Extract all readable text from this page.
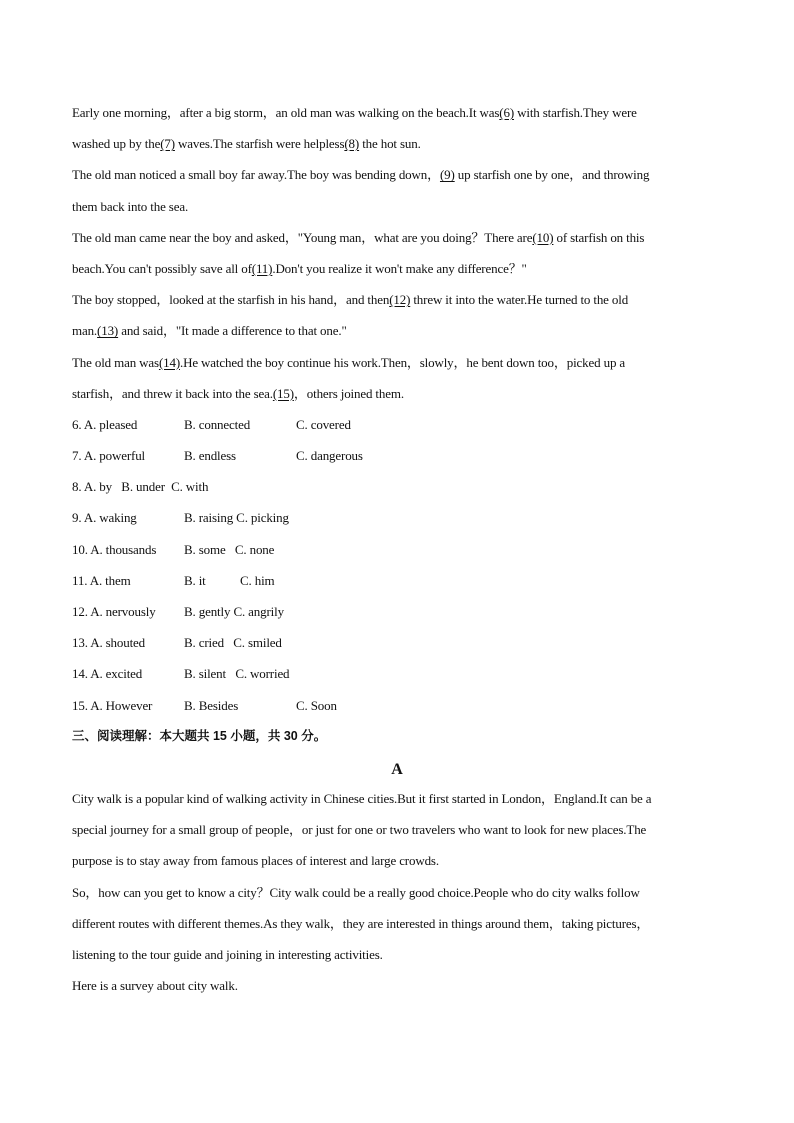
Early one morning，after a big storm，an old man was walking on the beach.It was(6) with starfish.They were
washed up by the(7) waves.The starfish were helpless(8) the hot sun.
The old man noticed a small boy far away.The boy was bending down，(9) up starfish one by one，and throwing
them back into the sea.
The old man came near the boy and asked，"Young man，what are you doing？There are(10) of starfish on this
beach.You can't possibly save all of(11).Don't you realize it won't make any difference？"
The boy stopped，looked at the starfish in his hand，and then(12) threw it into the water.He turned to the old
man.(13) and said，"It made a difference to that one."
The old man was(14).He watched the boy continue his work.Then，slowly，he bent down too，picked up a
starfish，and threw it back into the sea.(15)，others joined them.
6. A. pleased	B. connected	C. covered
7. A. powerful	B. endless	C. dangerous
8. A. by B. under C. with
9. A. waking	B. raising C. picking
10. A. thousands B. some C. none
11. A. them	B. it	C. him
12. A. nervously B. gently C. angrily
13. A. shouted	B. cried C. smiled
14. A. excited	B. silent C. worried
15. A. However B. Besides	C. Soon
三、阅读理解：本大题共 15 小题，共 30 分。
A
City walk is a popular kind of walking activity in Chinese cities.But it first started in London，England.It can be a
special journey for a small group of people，or just for one or two travelers who want to look for new places.The
purpose is to stay away from famous places of interest and large crowds.
So，how can you get to know a city？City walk could be a really good choice.People who do city walks follow
different routes with different themes.As they walk，they are interested in things around them，taking pictures，
listening to the tour guide and joining in interesting activities.
Here is a survey about city walk.
